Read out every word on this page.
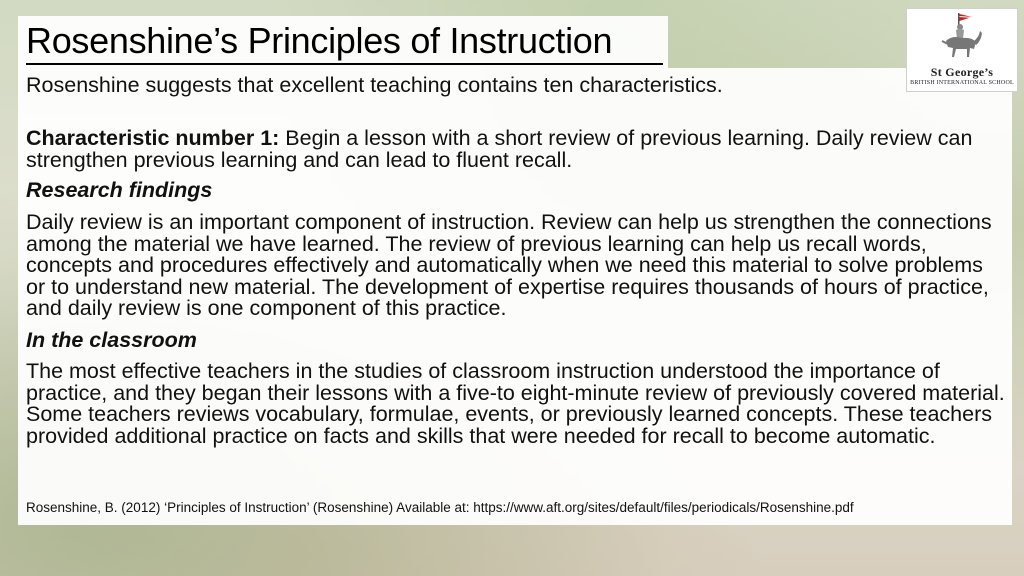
Rosenshine’s Principles of Instruction
Rosenshine suggests that excellent teaching contains ten characteristics.
Characteristic number 1: Begin a lesson with a short review of previous learning. Daily review can strengthen previous learning and can lead to fluent recall.
Research findings
Daily review is an important component of instruction. Review can help us strengthen the connections among the material we have learned. The review of previous learning can help us recall words, concepts and procedures effectively and automatically when we need this material to solve problems or to understand new material. The development of expertise requires thousands of hours of practice, and daily review is one component of this practice.
In the classroom
The most effective teachers in the studies of classroom instruction understood the importance of practice, and they began their lessons with a five-to eight-minute review of previously covered material. Some teachers reviews vocabulary, formulae, events, or previously learned concepts. These teachers provided additional practice on facts and skills that were needed for recall to become automatic.
Rosenshine, B. (2012) ‘Principles of Instruction’ (Rosenshine) Available at: https://www.aft.org/sites/default/files/periodicals/Rosenshine.pdf
St George’s
BRITISH INTERNATIONAL SCHOOL
